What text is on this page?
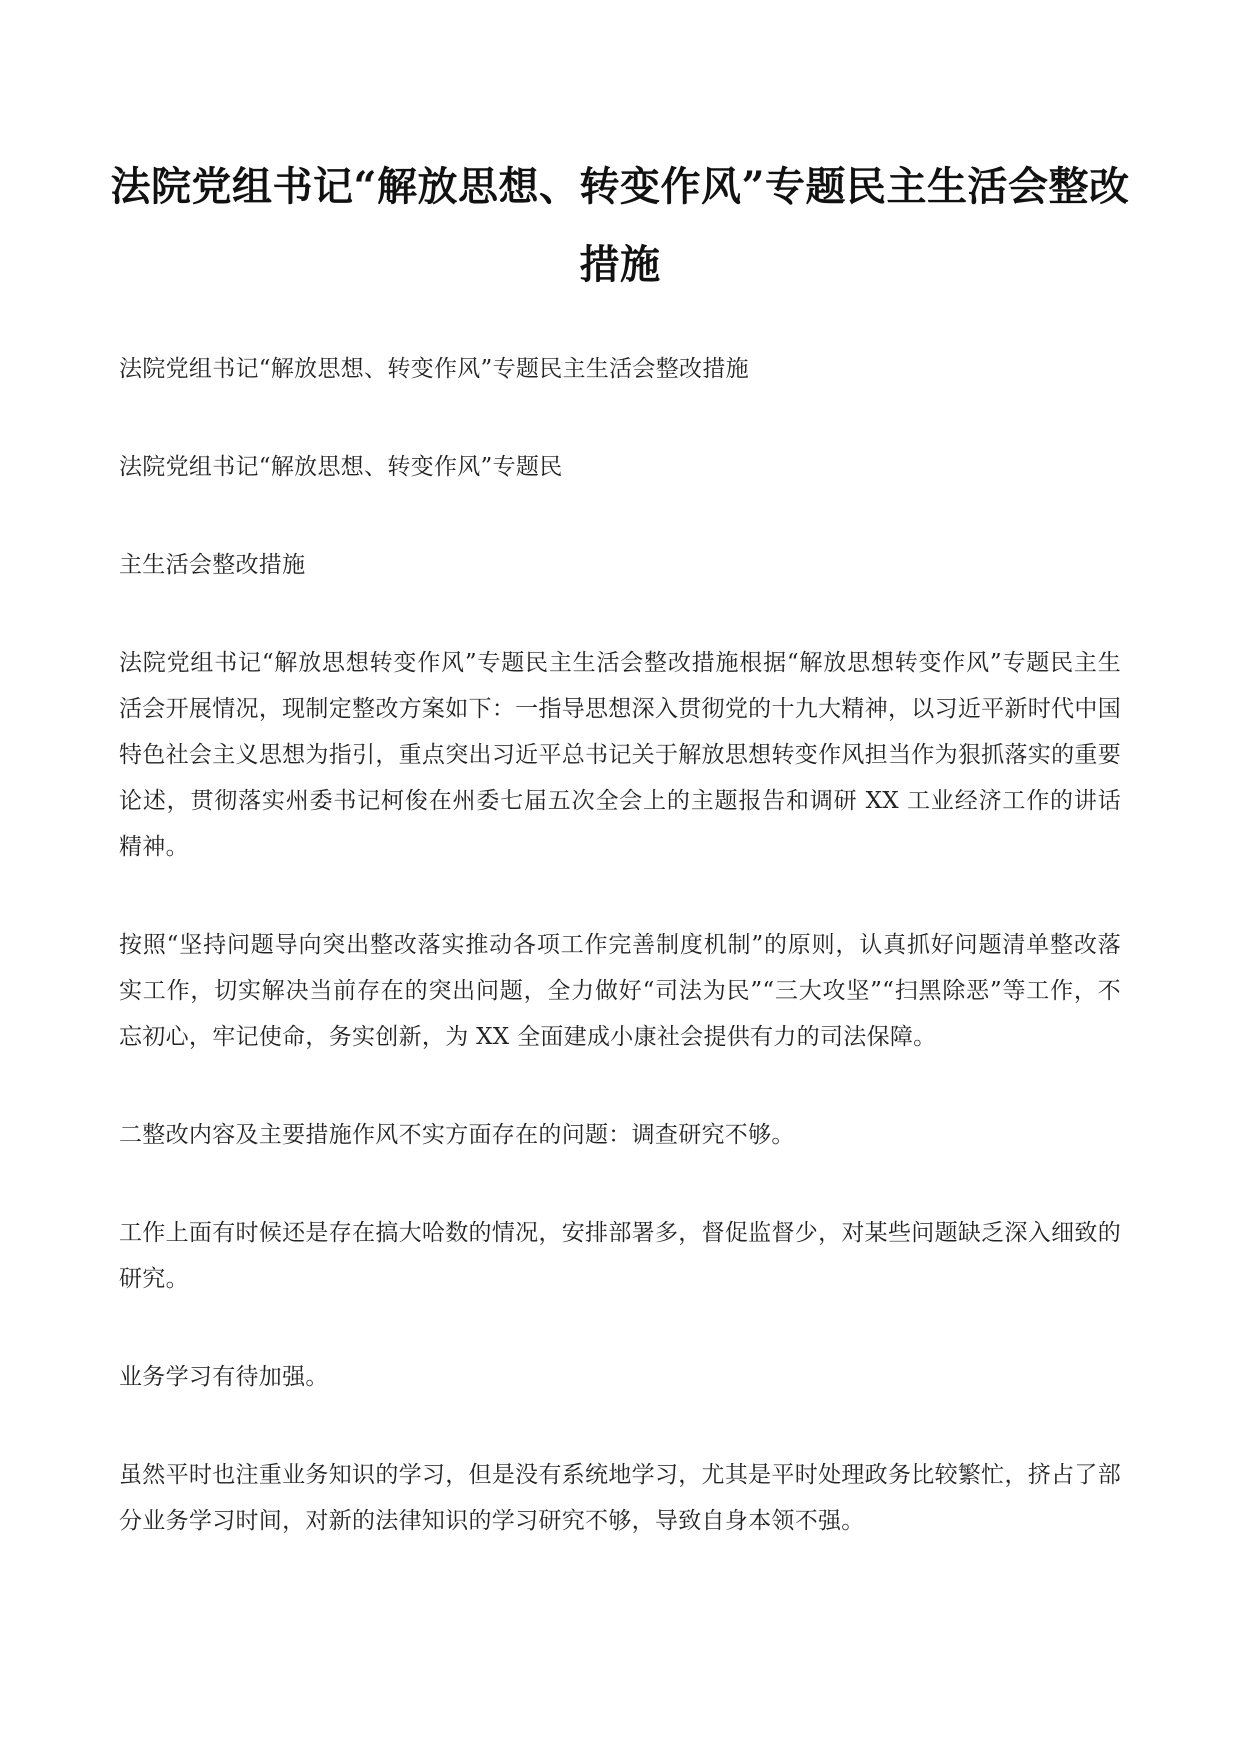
法院党组书记“解放思想、转变作风”专题民主生活会整改措施

法院党组书记“解放思想、转变作风”专题民主生活会整改措施

法院党组书记“解放思想、转变作风”专题民

主生活会整改措施

法院党组书记“解放思想转变作风”专题民主生活会整改措施根据“解放思想转变作风”专题民主生活会开展情况，现制定整改方案如下：一指导思想深入贯彻党的十九大精神，以习近平新时代中国特色社会主义思想为指引，重点突出习近平总书记关于解放思想转变作风担当作为狠抓落实的重要论述，贯彻落实州委书记柯俊在州委七届五次全会上的主题报告和调研 XX 工业经济工作的讲话精神。

按照“坚持问题导向突出整改落实推动各项工作完善制度机制”的原则，认真抓好问题清单整改落实工作，切实解决当前存在的突出问题，全力做好“司法为民”“三大攻坚”“扫黑除恶”等工作，不忘初心，牢记使命，务实创新，为 XX 全面建成小康社会提供有力的司法保障。

二整改内容及主要措施作风不实方面存在的问题：调查研究不够。

工作上面有时候还是存在搞大哈数的情况，安排部署多，督促监督少，对某些问题缺乏深入细致的研究。

业务学习有待加强。

虽然平时也注重业务知识的学习，但是没有系统地学习，尤其是平时处理政务比较繁忙，挤占了部分业务学习时间，对新的法律知识的学习研究不够，导致自身本领不强。
